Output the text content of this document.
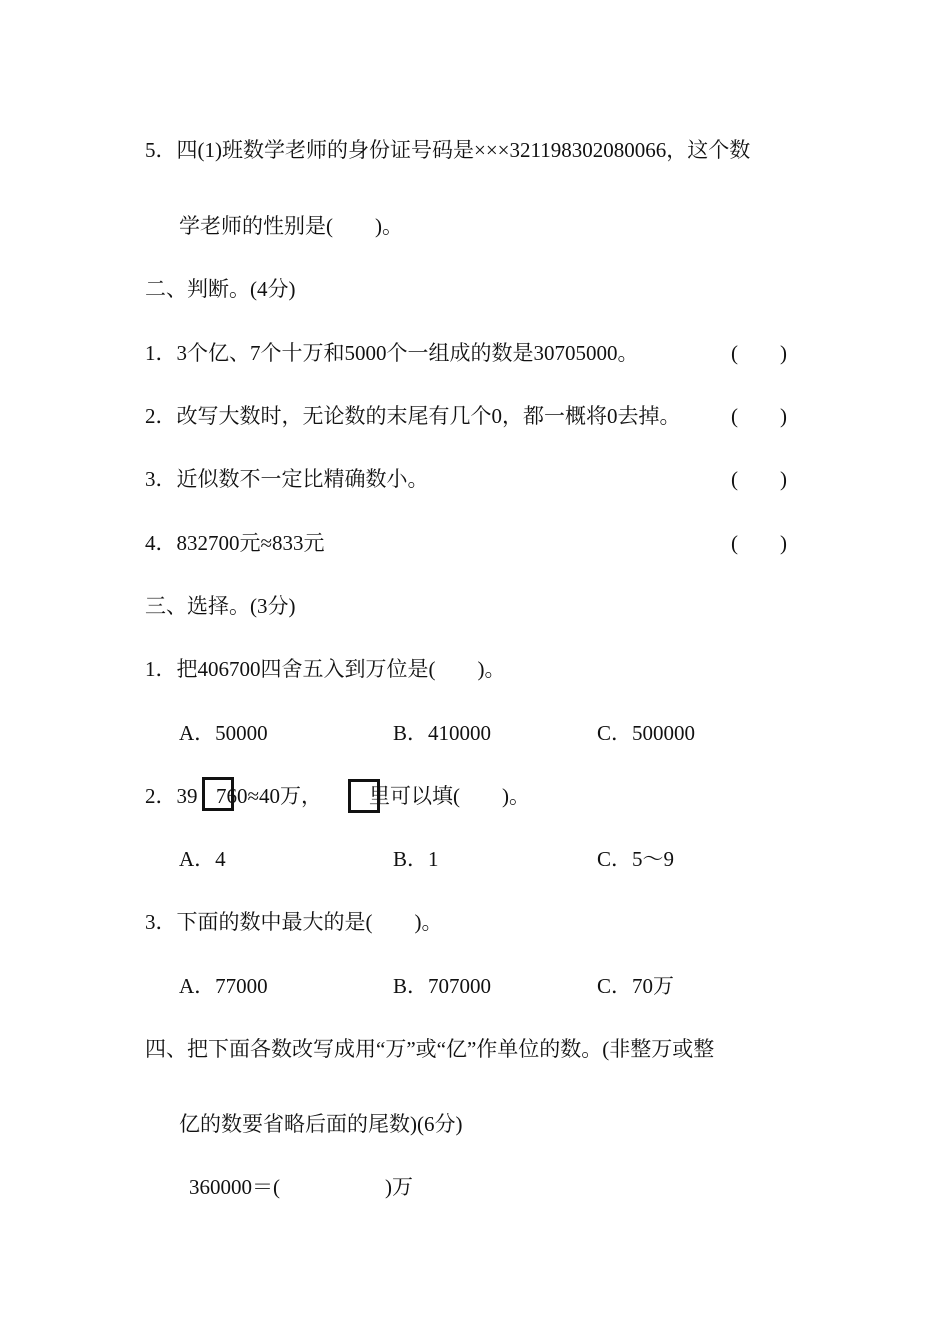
5．四(1)班数学老师的身份证号码是×××321198302080066，这个数
学老师的性别是(　　)。
二、判断。(4分)
1．3个亿、7个十万和5000个一组成的数是30705000。	(　　)
2．改写大数时，无论数的末尾有几个0，都一概将0去掉。 (　　)
3．近似数不一定比精确数小。	(　　)
4．832700元≈833元	(　　)
三、选择。(3分)
1．把406700四舍五入到万位是(　　)。
A．50000	B．410000	C．500000
2．39 760≈40万， 里可以填(　　)。
A．4	B．1	C．5～9
3．下面的数中最大的是(　　)。
A．77000	B．707000	C．70万
四、把下面各数改写成用“万”或“亿”作单位的数。(非整万或整
亿的数要省略后面的尾数)(6分)
360000＝(　　　　　)万
